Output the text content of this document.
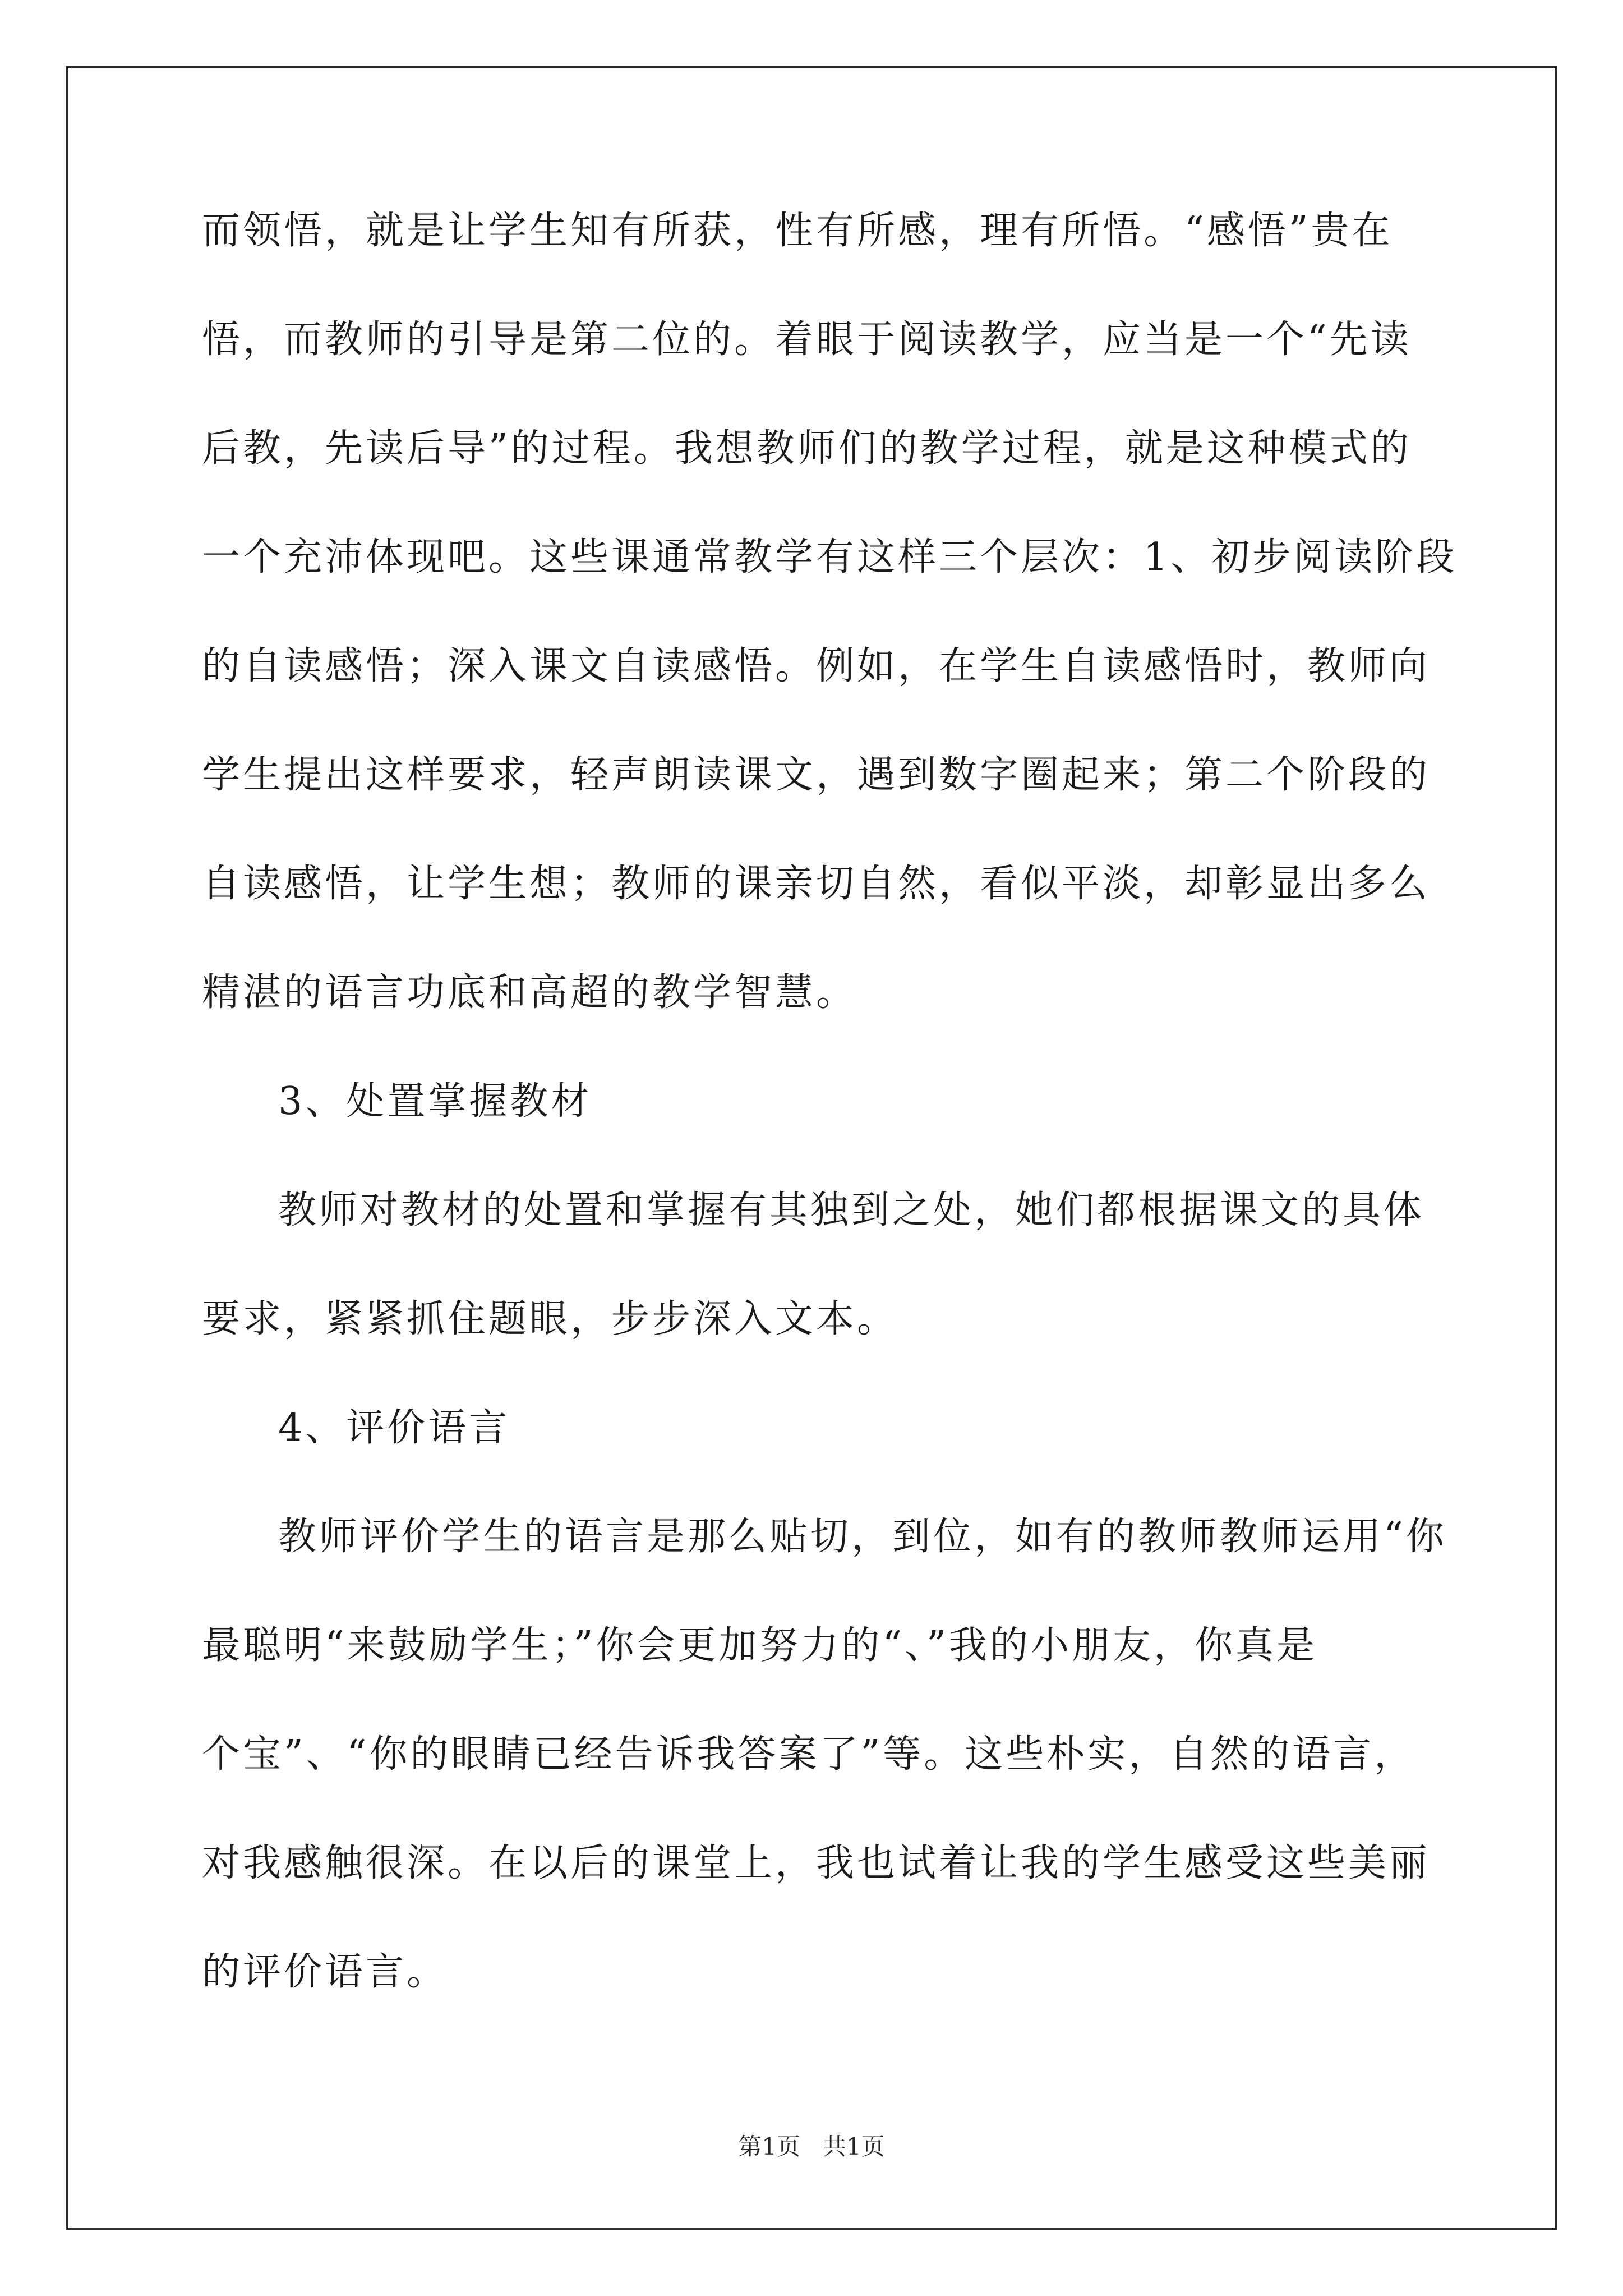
而领悟，就是让学生知有所获，性有所感，理有所悟。“感悟”贵在
悟，而教师的引导是第二位的。着眼于阅读教学，应当是一个“先读
后教，先读后导”的过程。我想教师们的教学过程，就是这种模式的
一个充沛体现吧。这些课通常教学有这样三个层次：1、初步阅读阶段
的自读感悟；深入课文自读感悟。例如，在学生自读感悟时，教师向
学生提出这样要求，轻声朗读课文，遇到数字圈起来；第二个阶段的
自读感悟，让学生想；教师的课亲切自然，看似平淡，却彰显出多么
精湛的语言功底和高超的教学智慧。
3、处置掌握教材
教师对教材的处置和掌握有其独到之处，她们都根据课文的具体
要求，紧紧抓住题眼，步步深入文本。
4、评价语言
教师评价学生的语言是那么贴切，到位，如有的教师教师运用“你
最聪明“来鼓励学生；”你会更加努力的“、”我的小朋友，你真是
个宝”、“你的眼睛已经告诉我答案了”等。这些朴实，自然的语言，
对我感触很深。在以后的课堂上，我也试着让我的学生感受这些美丽
的评价语言。
第1页   共1页
